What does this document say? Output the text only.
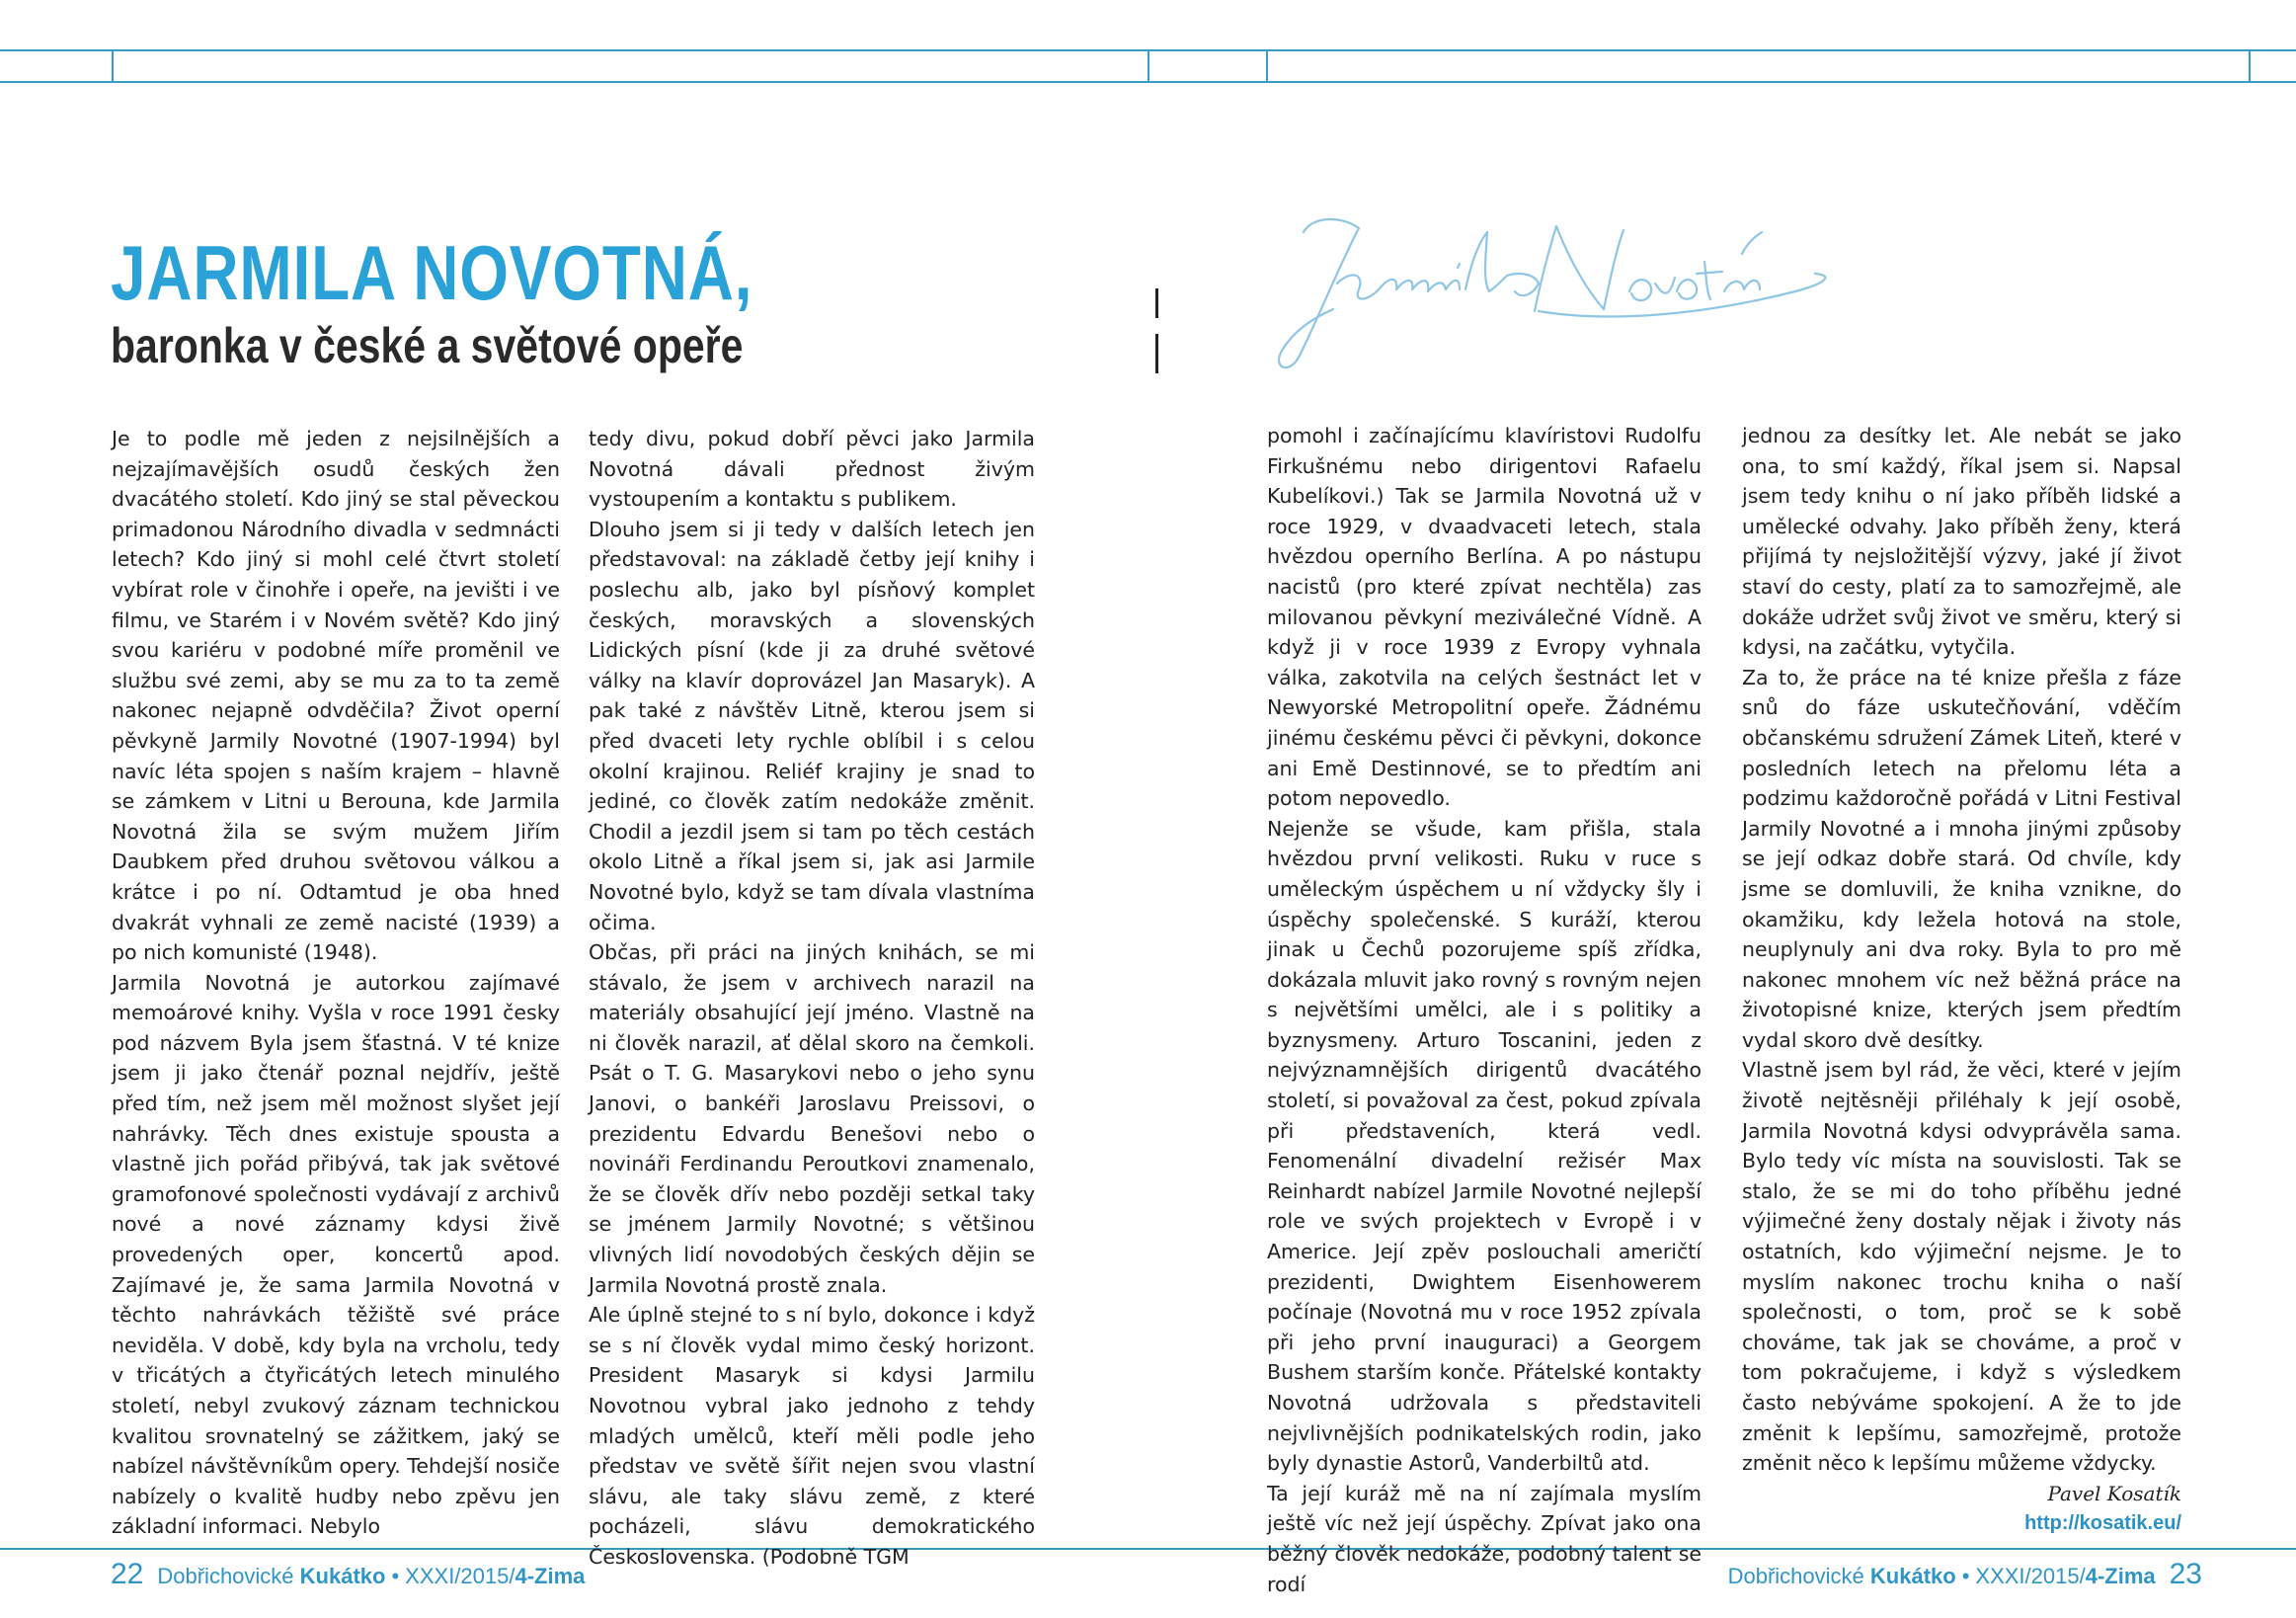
JARMILA NOVOTNÁ,
baronka v české a světové opeře

Je to podle mě jeden z nejsilnějších a nejzajímavějších osudů českých žen dvacátého století. Kdo jiný se stal pěveckou primadonou Národního divadla v sedmnácti letech? Kdo jiný si mohl celé čtvrt století vybírat role v činohře i opeře, na jevišti i ve filmu, ve Starém i v Novém světě? Kdo jiný svou kariéru v podobné míře proměnil ve službu své zemi, aby se mu za to ta země nakonec nejapně odvděčila? Život operní pěvkyně Jarmily Novotné (1907-1994) byl navíc léta spojen s naším krajem – hlavně se zámkem v Litni u Berouna, kde Jarmila Novotná žila se svým mužem Jiřím Daubkem před druhou světovou válkou a krátce i po ní. Odtamtud je oba hned dvakrát vyhnali ze země nacisté (1939) a po nich komunisté (1948).

Jarmila Novotná je autorkou zajímavé memoárové knihy. Vyšla v roce 1991 česky pod názvem Byla jsem šťastná. V té knize jsem ji jako čtenář poznal nejdřív, ještě před tím, než jsem měl možnost slyšet její nahrávky. Těch dnes existuje spousta a vlastně jich pořád přibývá, tak jak světové gramofonové společnosti vydávají z archivů nové a nové záznamy kdysi živě provedených oper, koncertů apod. Zajímavé je, že sama Jarmila Novotná v těchto nahrávkách těžiště své práce neviděla. V době, kdy byla na vrcholu, tedy v třicátých a čtyřicátých letech minulého století, nebyl zvukový záznam technickou kvalitou srovnatelný se zážitkem, jaký se nabízel návštěvníkům opery. Tehdejší nosiče nabízely o kvalitě hudby nebo zpěvu jen základní informaci. Nebylo

tedy divu, pokud dobří pěvci jako Jarmila Novotná dávali přednost živým vystoupením a kontaktu s publikem.

Dlouho jsem si ji tedy v dalších letech jen představoval: na základě četby její knihy i poslechu alb, jako byl písňový komplet českých, moravských a slovenských Lidických písní (kde ji za druhé světové války na klavír doprovázel Jan Masaryk). A pak také z návštěv Litně, kterou jsem si před dvaceti lety rychle oblíbil i s celou okolní krajinou. Reliéf krajiny je snad to jediné, co člověk zatím nedokáže změnit. Chodil a jezdil jsem si tam po těch cestách okolo Litně a říkal jsem si, jak asi Jarmile Novotné bylo, když se tam dívala vlastníma očima.

Občas, při práci na jiných knihách, se mi stávalo, že jsem v archivech narazil na materiály obsahující její jméno. Vlastně na ni člověk narazil, ať dělal skoro na čemkoli. Psát o T. G. Masarykovi nebo o jeho synu Janovi, o bankéři Jaroslavu Preissovi, o prezidentu Edvardu Benešovi nebo o novináři Ferdinandu Peroutkovi znamenalo, že se člověk dřív nebo později setkal taky se jménem Jarmily Novotné; s většinou vlivných lidí novodobých českých dějin se Jarmila Novotná prostě znala.

Ale úplně stejné to s ní bylo, dokonce i když se s ní člověk vydal mimo český horizont. President Masaryk si kdysi Jarmilu Novotnou vybral jako jednoho z tehdy mladých umělců, kteří měli podle jeho představ ve světě šířit nejen svou vlastní slávu, ale taky slávu země, z které pocházeli, slávu demokratického Československa. (Podobně TGM

22 Dobřichovické
Kukátko • XXXI/2015/ 4-Zima

pomohl i začínajícímu klavíristovi Rudolfu Firkušnému nebo dirigentovi Rafaelu Kubelíkovi.) Tak se Jarmila Novotná už v roce 1929, v dvaadvaceti letech, stala hvězdou operního Berlína. A po nástupu nacistů (pro které zpívat nechtěla) zas milovanou pěvkyní meziválečné Vídně. A když ji v roce 1939 z Evropy vyhnala válka, zakotvila na celých šestnáct let v Newyorské Metropolitní opeře. Žádnému jinému českému pěvci či pěvkyni, dokonce ani Emě Destinnové, se to předtím ani potom nepovedlo.

Nejenže se všude, kam přišla, stala hvězdou první velikosti. Ruku v ruce s uměleckým úspěchem u ní vždycky šly i úspěchy společenské. S kuráží, kterou jinak u Čechů pozorujeme spíš zřídka, dokázala mluvit jako rovný s rovným nejen s největšími umělci, ale i s politiky a byznysmeny. Arturo Toscanini, jeden z nejvýznamnějších dirigentů dvacátého století, si považoval za čest, pokud zpívala při představeních, která vedl. Fenomenální divadelní režisér Max Reinhardt nabízel Jarmile Novotné nejlepší role ve svých projektech v Evropě i v Americe. Její zpěv poslouchali američtí prezidenti, Dwightem Eisenhowerem počínaje (Novotná mu v roce 1952 zpívala při jeho první inauguraci) a Georgem Bushem starším konče. Přátelské kontakty Novotná udržovala s představiteli nejvlivnějších podnikatelských rodin, jako byly dynastie Astorů, Vanderbiltů atd.

Ta její kuráž mě na ní zajímala myslím ještě víc než její úspěchy. Zpívat jako ona běžný člověk nedokáže, podobný talent se rodí

jednou za desítky let. Ale nebát se jako ona, to smí každý, říkal jsem si. Napsal jsem tedy knihu o ní jako příběh lidské a umělecké odvahy. Jako příběh ženy, která přijímá ty nejsložitější výzvy, jaké jí život staví do cesty, platí za to samozřejmě, ale dokáže udržet svůj život ve směru, který si kdysi, na začátku, vytyčila.

Za to, že práce na té knize přešla z fáze snů do fáze uskutečňování, vděčím občanskému sdružení Zámek Liteň, které v posledních letech na přelomu léta a podzimu každoročně pořádá v Litni Festival Jarmily Novotné a i mnoha jinými způsoby se její odkaz dobře stará. Od chvíle, kdy jsme se domluvili, že kniha vznikne, do okamžiku, kdy ležela hotová na stole, neuplynuly ani dva roky. Byla to pro mě nakonec mnohem víc než běžná práce na životopisné knize, kterých jsem předtím vydal skoro dvě desítky.

Vlastně jsem byl rád, že věci, které v jejím životě nejtěsněji přiléhaly k její osobě, Jarmila Novotná kdysi odvyprávěla sama. Bylo tedy víc místa na souvislosti. Tak se stalo, že se mi do toho příběhu jedné výjimečné ženy dostaly nějak i životy nás ostatních, kdo výjimeční nejsme. Je to myslím nakonec trochu kniha o naší společnosti, o tom, proč se k sobě chováme, tak jak se chováme, a proč v tom pokračujeme, i když s výsledkem často nebýváme spokojení. A že to jde změnit k lepšímu, samozřejmě, protože změnit něco k lepšímu můžeme vždycky.

Pavel Kosatík

http://kosatik.eu/

Dobřichovické
Kukátko • XXXI/2015/ 4-Zima 23
